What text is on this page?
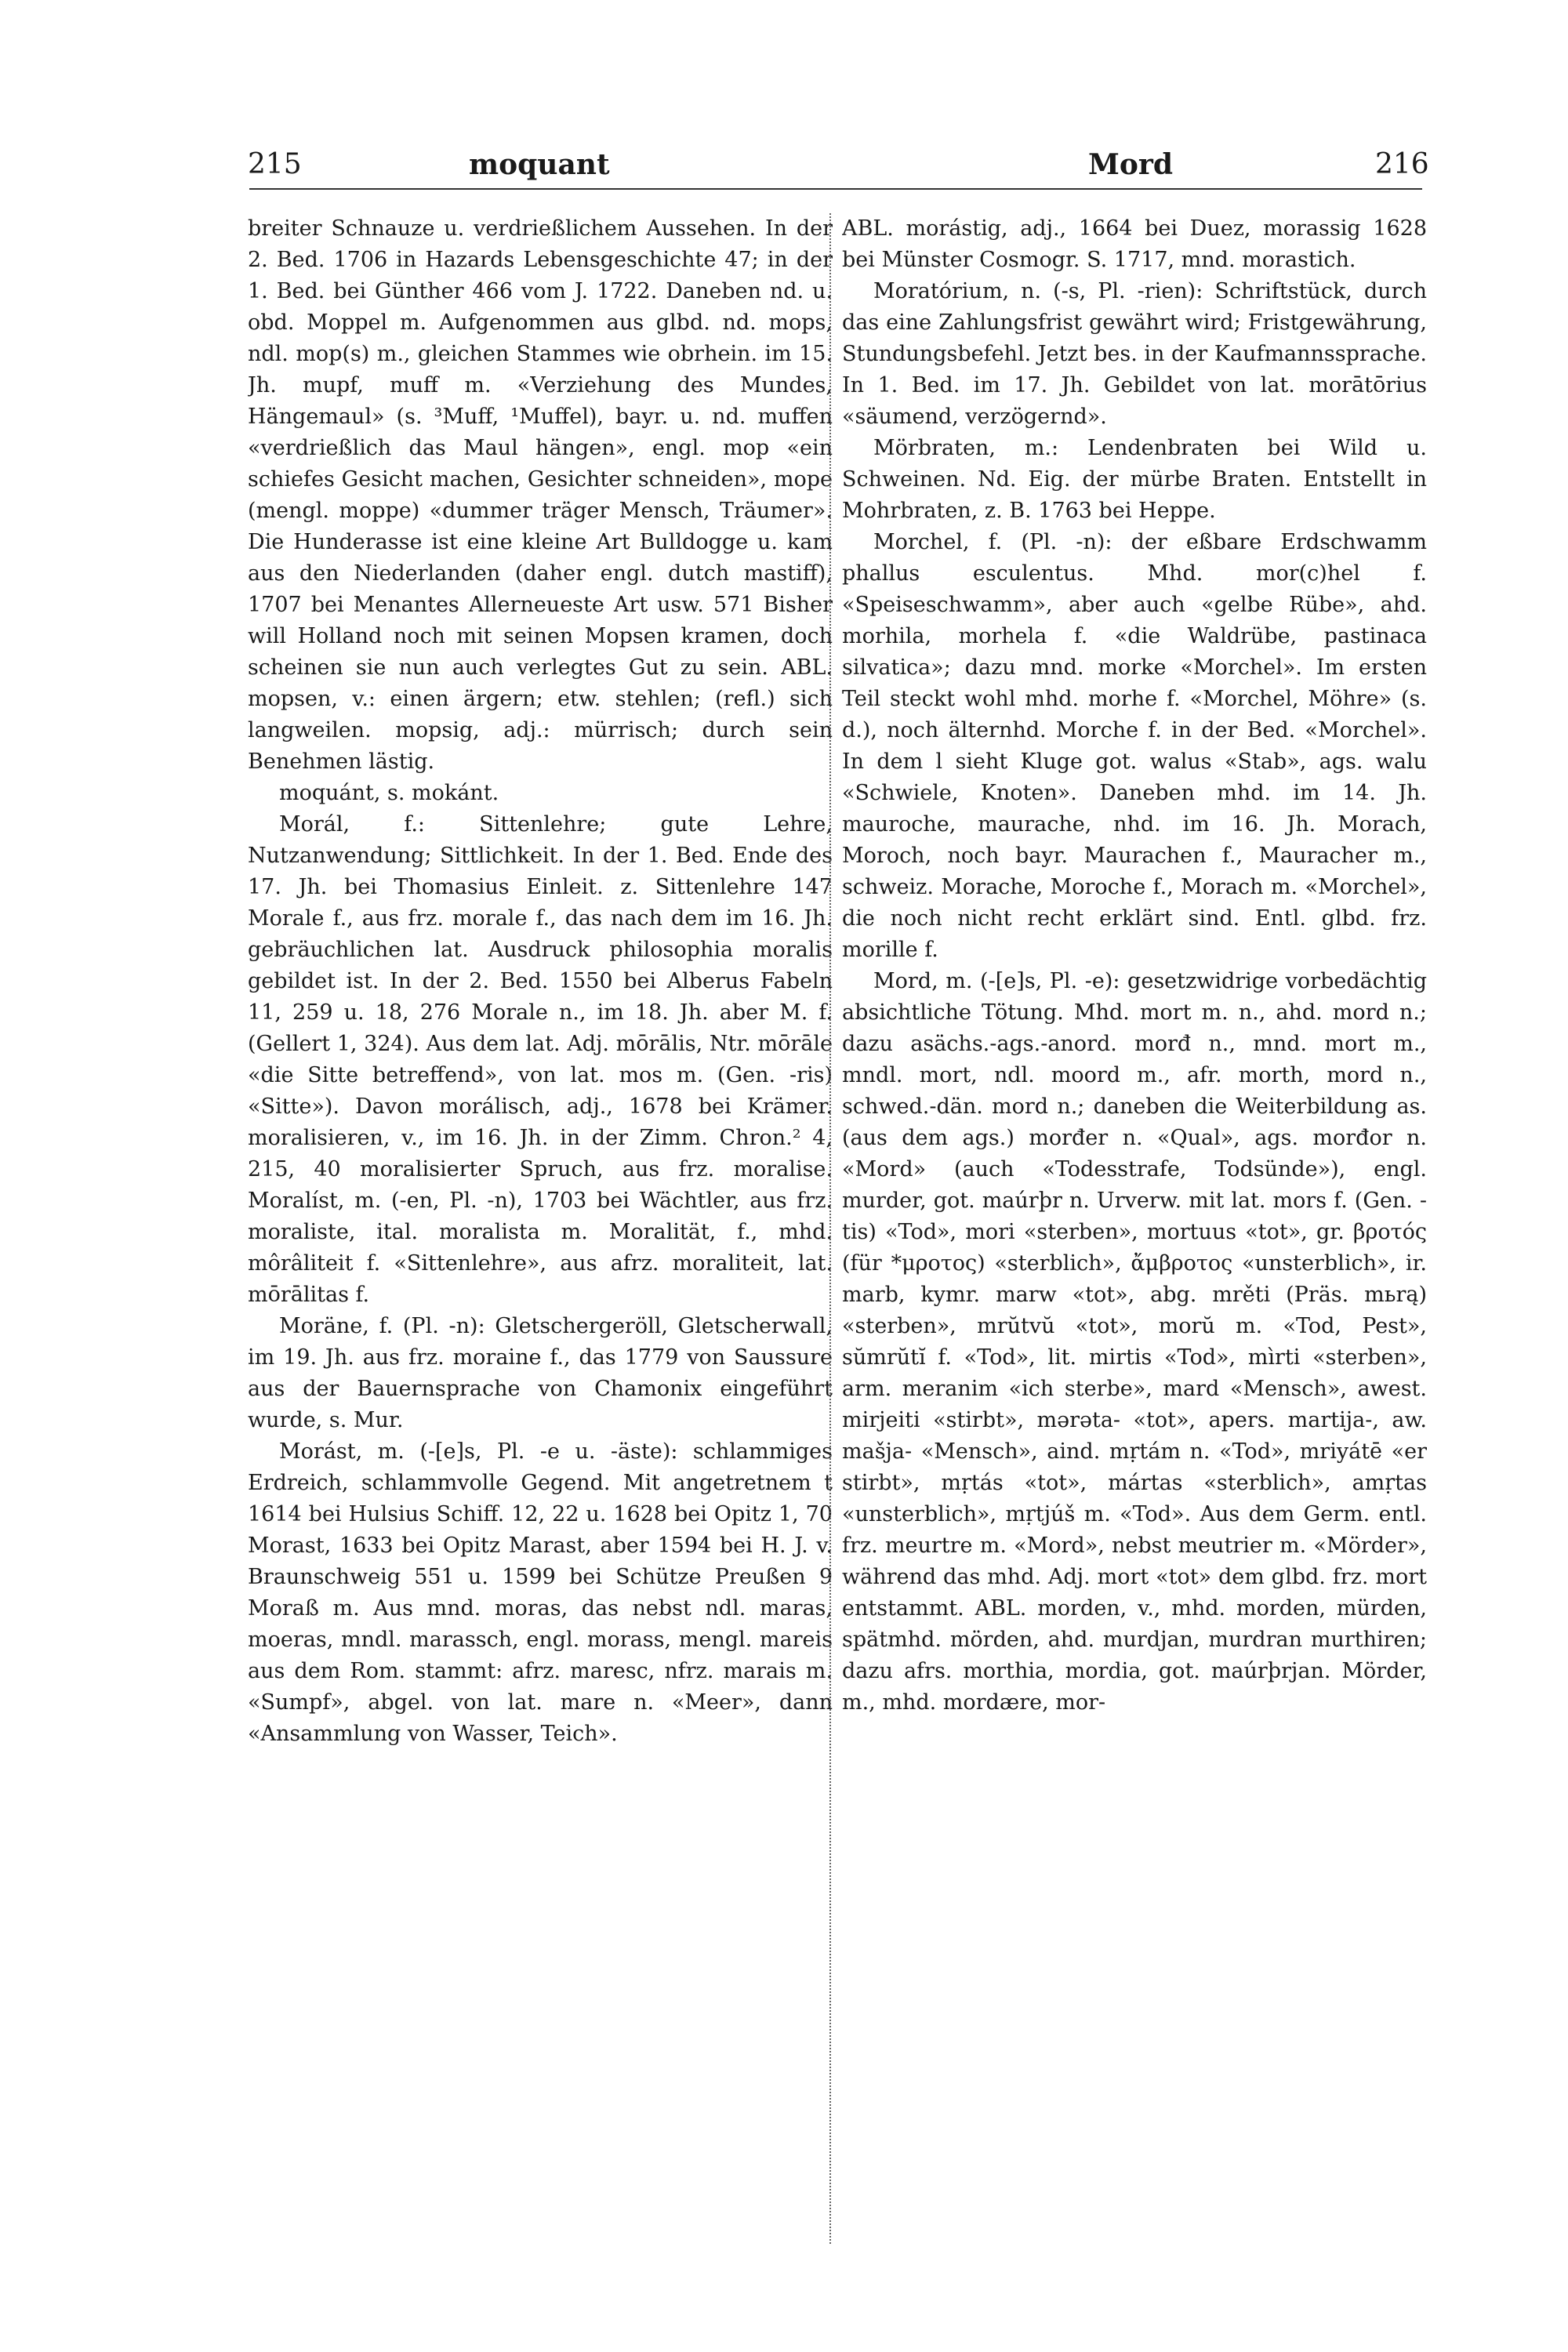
215	moquant	Mord	216

breiter Schnauze u. verdrießlichem Aussehen. In der 2. Bed. 1706 in Hazards Lebensgeschichte 47; in der 1. Bed. bei Günther 466 vom J. 1722. Daneben nd. u. obd. Moppel m. Aufgenommen aus glbd. nd. mops, ndl. mop(s) m., gleichen Stammes wie obrhein. im 15. Jh. mupf, muff m. «Verziehung des Mundes, Hängemaul» (s. ³Muff, ¹Muffel), bayr. u. nd. muffen «verdrießlich das Maul hängen», engl. mop «ein schiefes Gesicht machen, Gesichter schneiden», mope (mengl. moppe) «dummer träger Mensch, Träumer». Die Hunderasse ist eine kleine Art Bulldogge u. kam aus den Niederlanden (daher engl. dutch mastiff), 1707 bei Menantes Allerneueste Art usw. 571 Bisher will Holland noch mit seinen Mopsen kramen, doch scheinen sie nun auch verlegtes Gut zu sein. ABL. mopsen, v.: einen ärgern; etw. stehlen; (refl.) sich langweilen. mopsig, adj.: mürrisch; durch sein Benehmen lästig.

moquánt, s. mokánt.

Morál, f.: Sittenlehre; gute Lehre, Nutzanwendung; Sittlichkeit. In der 1. Bed. Ende des 17. Jh. bei Thomasius Einleit. z. Sittenlehre 147 Morale f., aus frz. morale f., das nach dem im 16. Jh. gebräuchlichen lat. Ausdruck philosophia moralis gebildet ist. In der 2. Bed. 1550 bei Alberus Fabeln 11, 259 u. 18, 276 Morale n., im 18. Jh. aber M. f. (Gellert 1, 324). Aus dem lat. Adj. mōrālis, Ntr. mōrāle «die Sitte betreffend», von lat. mos m. (Gen. -ris) «Sitte»). Davon morálisch, adj., 1678 bei Krämer. moralisieren, v., im 16. Jh. in der Zimm. Chron.² 4, 215, 40 moralisierter Spruch, aus frz. moralise. Moralíst, m. (-en, Pl. -n), 1703 bei Wächtler, aus frz. moraliste, ital. moralista m. Moralität, f., mhd. môrâliteit f. «Sittenlehre», aus afrz. moraliteit, lat. mōrālitas f.

Moräne, f. (Pl. -n): Gletschergeröll, Gletscherwall, im 19. Jh. aus frz. moraine f., das 1779 von Saussure aus der Bauernsprache von Chamonix eingeführt wurde, s. Mur.

Morást, m. (-[e]s, Pl. -e u. -äste): schlammiges Erdreich, schlammvolle Gegend. Mit angetretnem t 1614 bei Hulsius Schiff. 12, 22 u. 1628 bei Opitz 1, 70 Morast, 1633 bei Opitz Marast, aber 1594 bei H. J. v. Braunschweig 551 u. 1599 bei Schütze Preußen 9 Moraß m. Aus mnd. moras, das nebst ndl. maras, moeras, mndl. marassch, engl. morass, mengl. mareis aus dem Rom. stammt: afrz. maresc, nfrz. marais m. «Sumpf», abgel. von lat. mare n. «Meer», dann «Ansammlung von Wasser, Teich».

ABL. morástig, adj., 1664 bei Duez, morassig 1628 bei Münster Cosmogr. S. 1717, mnd. morastich.

Moratórium, n. (-s, Pl. -rien): Schriftstück, durch das eine Zahlungsfrist gewährt wird; Fristgewährung, Stundungsbefehl. Jetzt bes. in der Kaufmannssprache. In 1. Bed. im 17. Jh. Gebildet von lat. morātōrius «säumend, verzögernd».

Mörbraten, m.: Lendenbraten bei Wild u. Schweinen. Nd. Eig. der mürbe Braten. Entstellt in Mohrbraten, z. B. 1763 bei Heppe.

Morchel, f. (Pl. -n): der eßbare Erdschwamm phallus esculentus. Mhd. mor(c)hel f. «Speiseschwamm», aber auch «gelbe Rübe», ahd. morhila, morhela f. «die Waldrübe, pastinaca silvatica»; dazu mnd. morke «Morchel». Im ersten Teil steckt wohl mhd. morhe f. «Morchel, Möhre» (s. d.), noch älternhd. Morche f. in der Bed. «Morchel». In dem l sieht Kluge got. walus «Stab», ags. walu «Schwiele, Knoten». Daneben mhd. im 14. Jh. mauroche, maurache, nhd. im 16. Jh. Morach, Moroch, noch bayr. Maurachen f., Mauracher m., schweiz. Morache, Moroche f., Morach m. «Morchel», die noch nicht recht erklärt sind. Entl. glbd. frz. morille f.

Mord, m. (-[e]s, Pl. -e): gesetzwidrige vorbedächtig absichtliche Tötung. Mhd. mort m. n., ahd. mord n.; dazu asächs.-ags.-anord. morđ n., mnd. mort m., mndl. mort, ndl. moord m., afr. morth, mord n., schwed.-dän. mord n.; daneben die Weiterbildung as. (aus dem ags.) morđer n. «Qual», ags. morđor n. «Mord» (auch «Todesstrafe, Todsünde»), engl. murder, got. maúrþr n. Urverw. mit lat. mors f. (Gen. -tis) «Tod», mori «sterben», mortuus «tot», gr. βροτός (für *μροτος) «sterblich», ἄμβροτος «unsterblich», ir. marb, kymr. marw «tot», abg. mrěti (Präs. mьrą) «sterben», mrŭtvŭ «tot», morŭ m. «Tod, Pest», sŭmrŭtĭ f. «Tod», lit. mirtis «Tod», mìrti «sterben», arm. meranim «ich sterbe», mard «Mensch», awest. mirjeiti «stirbt», mərəta- «tot», apers. martija-, aw. mašja- «Mensch», aind. mṛtám n. «Tod», mriyátē «er stirbt», mṛtás «tot», mártas «sterblich», amṛtas «unsterblich», mṛtjúš m. «Tod». Aus dem Germ. entl. frz. meurtre m. «Mord», nebst meutrier m. «Mörder», während das mhd. Adj. mort «tot» dem glbd. frz. mort entstammt. ABL. morden, v., mhd. morden, mürden, spätmhd. mörden, ahd. murdjan, murdran murthiren; dazu afrs. morthia, mordia, got. maúrþrjan. Mörder, m., mhd. mordære, mor-
